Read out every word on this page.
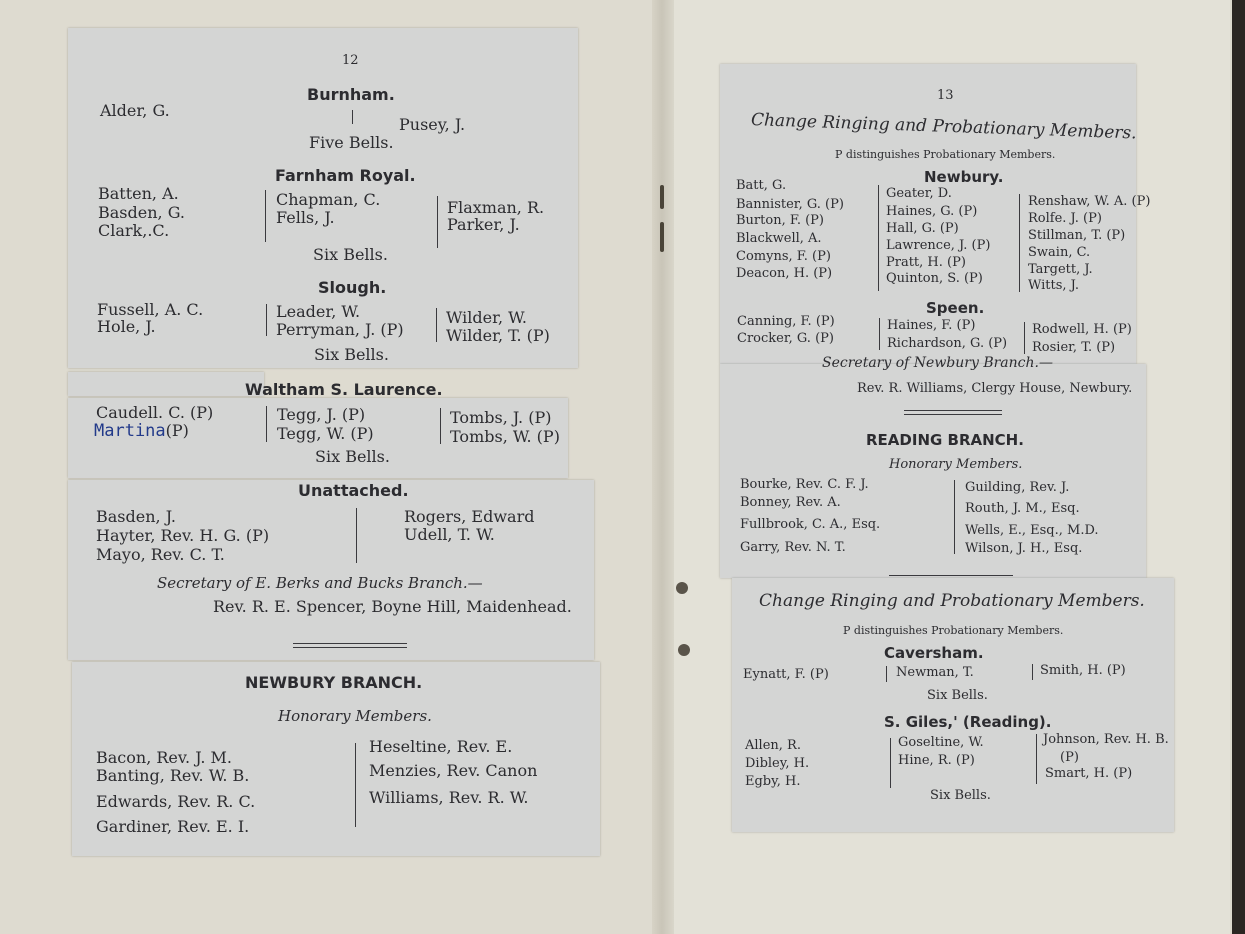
12
Burnham.
Alder, G.
Pusey, J.
Five Bells.
Farnham Royal.
Batten, A.
Basden, G.
Clark,.C.
Chapman, C.
Fells, J.
Flaxman, R.
Parker, J.
Six Bells.
Slough.
Fussell, A. C.
Hole, J.
Leader, W.
Perryman, J. (P)
Wilder, W.
Wilder, T. (P)
Six Bells.
Waltham S. Laurence.
Caudell. C. (P)
Martina(P)
Tegg, J. (P)
Tegg, W. (P)
Tombs, J. (P)
Tombs, W. (P)
Six Bells.
Unattached.
Basden, J.
Hayter, Rev. H. G. (P)
Mayo, Rev. C. T.
Rogers, Edward
Udell, T. W.
Secretary of E. Berks and Bucks Branch.—
Rev. R. E. Spencer, Boyne Hill, Maidenhead.
NEWBURY BRANCH.
Honorary Members.
Bacon, Rev. J. M.
Banting, Rev. W. B.
Edwards, Rev. R. C.
Gardiner, Rev. E. I.
Heseltine, Rev. E.
Menzies, Rev. Canon
Williams, Rev. R. W.
13
Change Ringing and Probationary Members.
P distinguishes Probationary Members.
Newbury.
Batt, G.
Bannister, G. (P)
Burton, F. (P)
Blackwell, A.
Comyns, F. (P)
Deacon, H. (P)
Geater, D.
Haines, G. (P)
Hall, G. (P)
Lawrence, J. (P)
Pratt, H. (P)
Quinton, S. (P)
Renshaw, W. A. (P)
Rolfe. J. (P)
Stillman, T. (P)
Swain, C.
Targett, J.
Witts, J.
Speen.
Canning, F. (P)
Crocker, G. (P)
Haines, F. (P)
Richardson, G. (P)
Rodwell, H. (P)
Rosier, T. (P)
Secretary of Newbury Branch.—
Rev. R. Williams, Clergy House, Newbury.
READING BRANCH.
Honorary Members.
Bourke, Rev. C. F. J.
Bonney, Rev. A.
Fullbrook, C. A., Esq.
Garry, Rev. N. T.
Guilding, Rev. J.
Routh, J. M., Esq.
Wells, E., Esq., M.D.
Wilson, J. H., Esq.
Change Ringing and Probationary Members.
P distinguishes Probationary Members.
Caversham.
Eynatt, F. (P)	Newman, T.	Smith, H. (P)
Six Bells.
S. Giles,' (Reading).
Allen, R.
Dibley, H.
Egby, H.
Goseltine, W.
Hine, R. (P)
Johnson, Rev. H. B.
(P)
Smart, H. (P)
Six Bells.
